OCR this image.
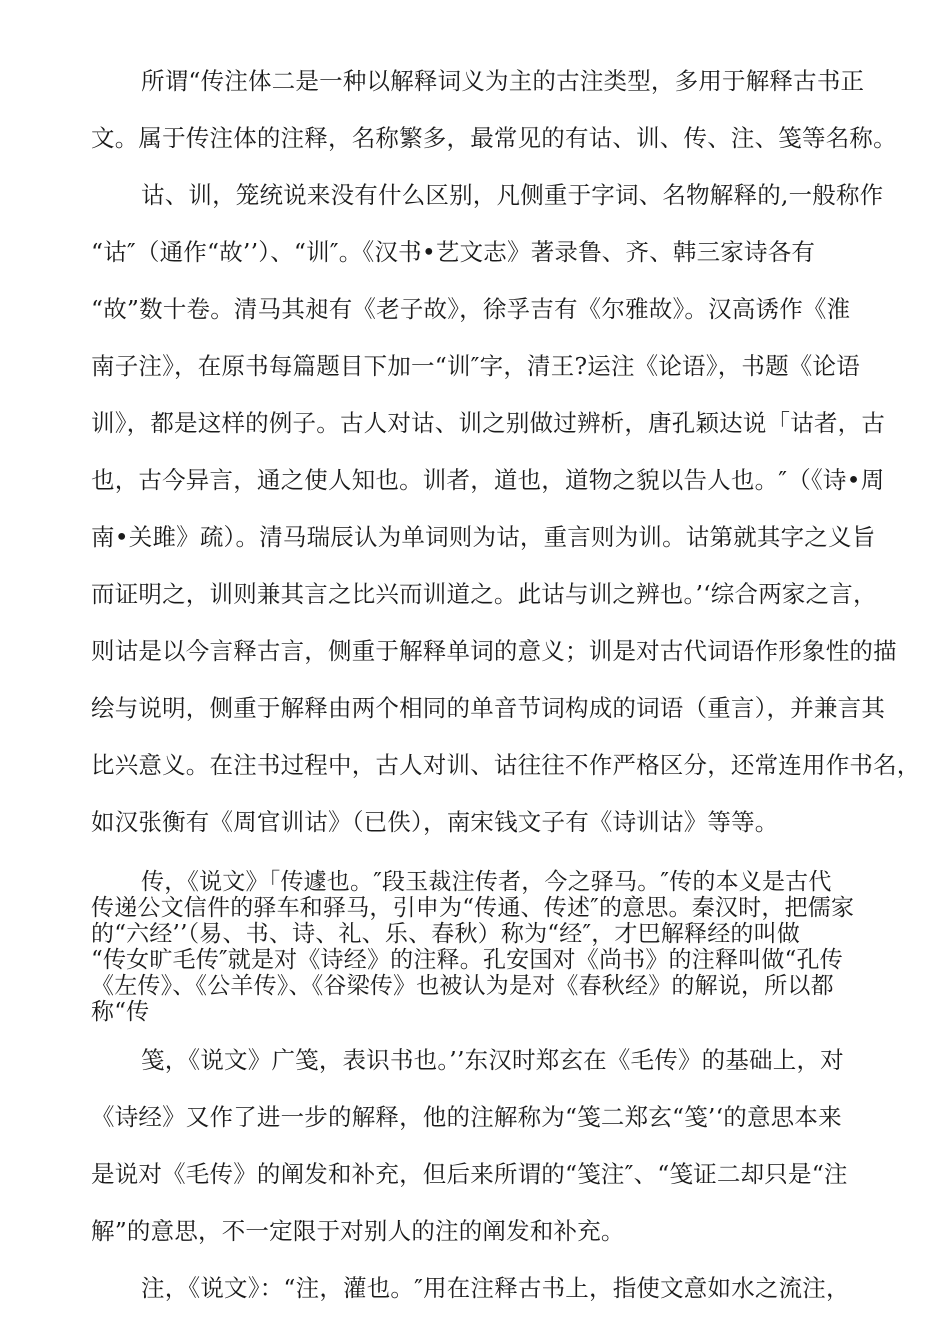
所谓“传注体二是一种以解释词义为主的古注类型，多用于解释古书正
文。属于传注体的注释，名称繁多，最常见的有诂、训、传、注、笺等名称。
诂、训，笼统说来没有什么区别，凡侧重于字词、名物解释的,一般称作
“诂″（通作“故’’）、“训″。《汉书•艺文志》著录鲁、齐、韩三家诗各有
“故”数十卷。清马其昶有《老子故》，徐孚吉有《尔雅故》。汉高诱作《淮
南子注》，在原书每篇题目下加一“训″字，清王?运注《论语》，书题《论语
训》，都是这样的例子。古人对诂、训之别做过辨析，唐孔颖达说「诂者，古
也，古今异言，通之使人知也。训者，道也，道物之貌以告人也。″（《诗•周
南•关雎》疏）。清马瑞辰认为单词则为诂，重言则为训。诂第就其字之义旨
而证明之，训则兼其言之比兴而训道之。此诂与训之辨也。’‘综合两家之言，
则诂是以今言释古言，侧重于解释单词的意义；训是对古代词语作形象性的描
绘与说明，侧重于解释由两个相同的单音节词构成的词语（重言），并兼言其
比兴意义。在注书过程中，古人对训、诂往往不作严格区分，还常连用作书名，
如汉张衡有《周官训诂》（已佚），南宋钱文子有《诗训诂》等等。
传，《说文》「传遽也。″段玉裁注传者，今之驿马。″传的本义是古代
传递公文信件的驿车和驿马，引申为“传通、传述″的意思。秦汉时，把儒家
的“六经’’（易、书、诗、礼、乐、春秋）称为“经″，才巴解释经的叫做
“传女旷毛传″就是对《诗经》的注释。孔安国对《尚书》的注释叫做“孔传
《左传》、《公羊传》、《谷梁传》也被认为是对《春秋经》的解说，所以都
称“传
笺，《说文》广笺，表识书也。’’东汉时郑玄在《毛传》的基础上，对
《诗经》又作了进一步的解释，他的注解称为“笺二郑玄“笺’‘的意思本来
是说对《毛传》的阐发和补充，但后来所谓的“笺注″、“笺证二却只是“注
解”的意思，不一定限于对别人的注的阐发和补充。
注，《说文》：“注，灌也。″用在注释古书上，指使文意如水之流注，
